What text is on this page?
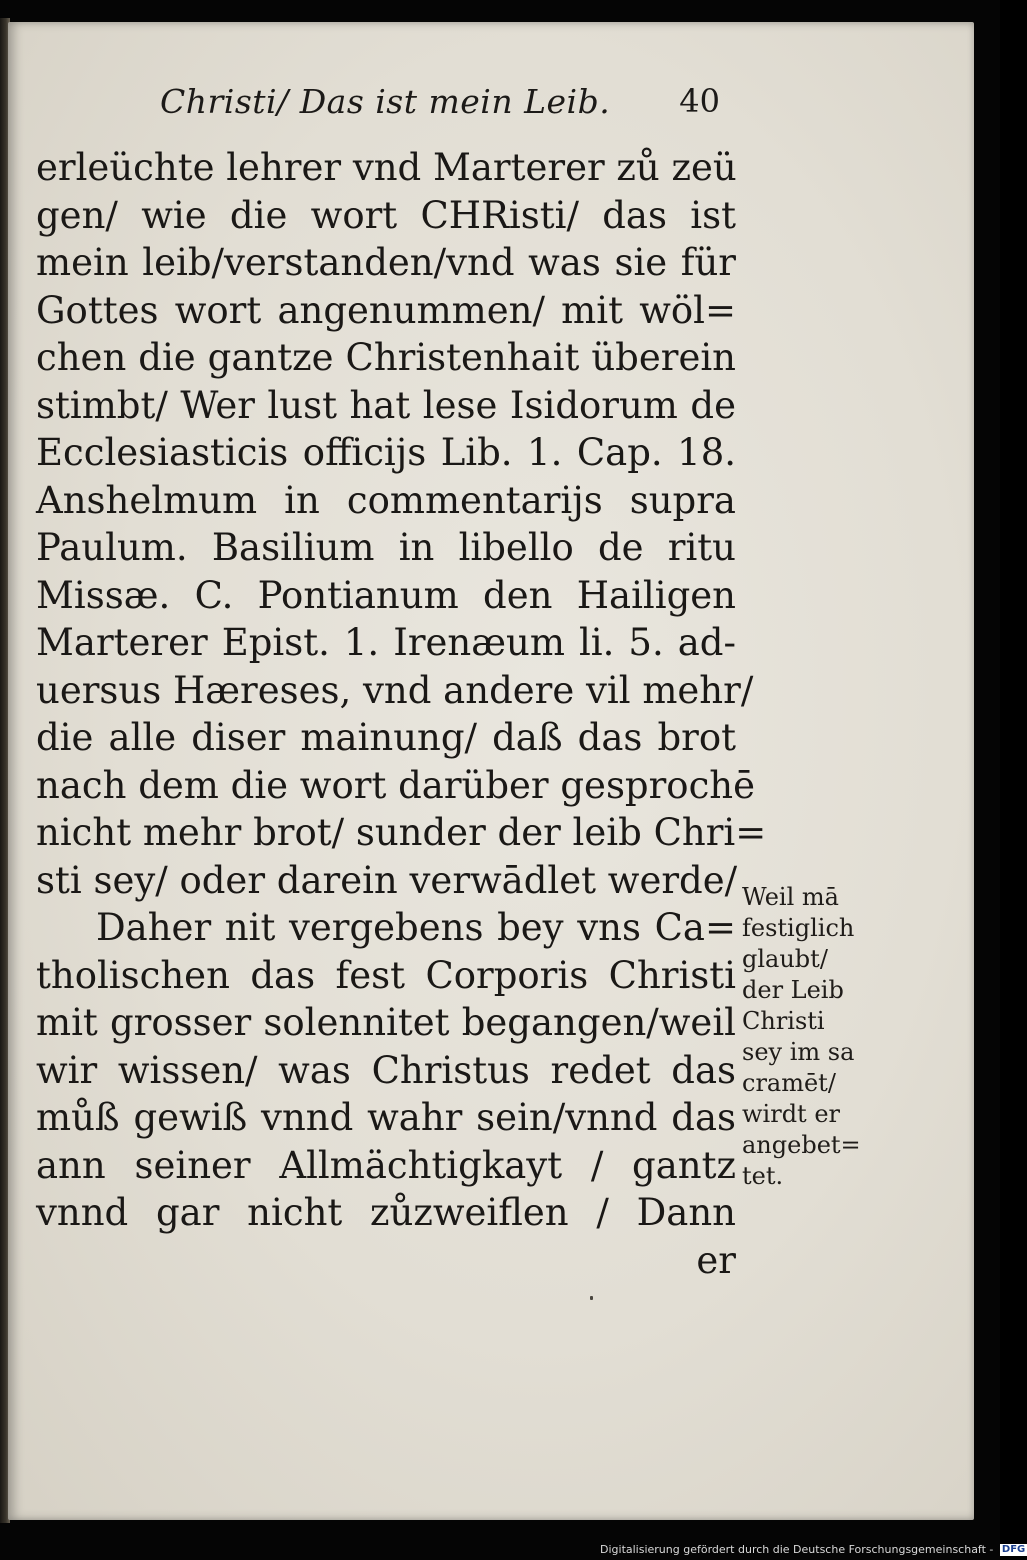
Christi/ Das ist mein Leib. 40
erleüchte lehrer vnd Marterer zů zeü
gen/ wie die wort CHRisti/ das ist
mein leib/verstanden/vnd was sie für
Gottes wort angenummen/ mit wöl=
chen die gantze Christenhait überein
stimbt/ Wer lust hat lese Isidorum de
Ecclesiasticis officijs Lib. 1. Cap. 18.
Anshelmum in commentarijs supra
Paulum. Basilium in libello de ritu
Missæ. C. Pontianum den Hailigen
Marterer Epist. 1. Irenæum li. 5. ad-
uersus Hæreses, vnd andere vil mehr/
die alle diser mainung/ daß das brot
nach dem die wort darüber gesprochē
nicht mehr brot/ sunder der leib Chri=
sti sey/ oder darein verwādlet werde/
Daher nit vergebens bey vns Ca=
tholischen das fest Corporis Christi
mit grosser solennitet begangen/weil
wir wissen/ was Christus redet das
můß gewiß vnnd wahr sein/vnnd das
ann seiner Allmächtigkayt / gantz
vnnd gar nicht zůzweiflen / Dann
er
Weil mā
festiglich
glaubt/
der Leib
Christi
sey im sa
cramēt/
wirdt er
angebet=
tet.
Digitalisierung gefördert durch die Deutsche Forschungsgemeinschaft - DFG
